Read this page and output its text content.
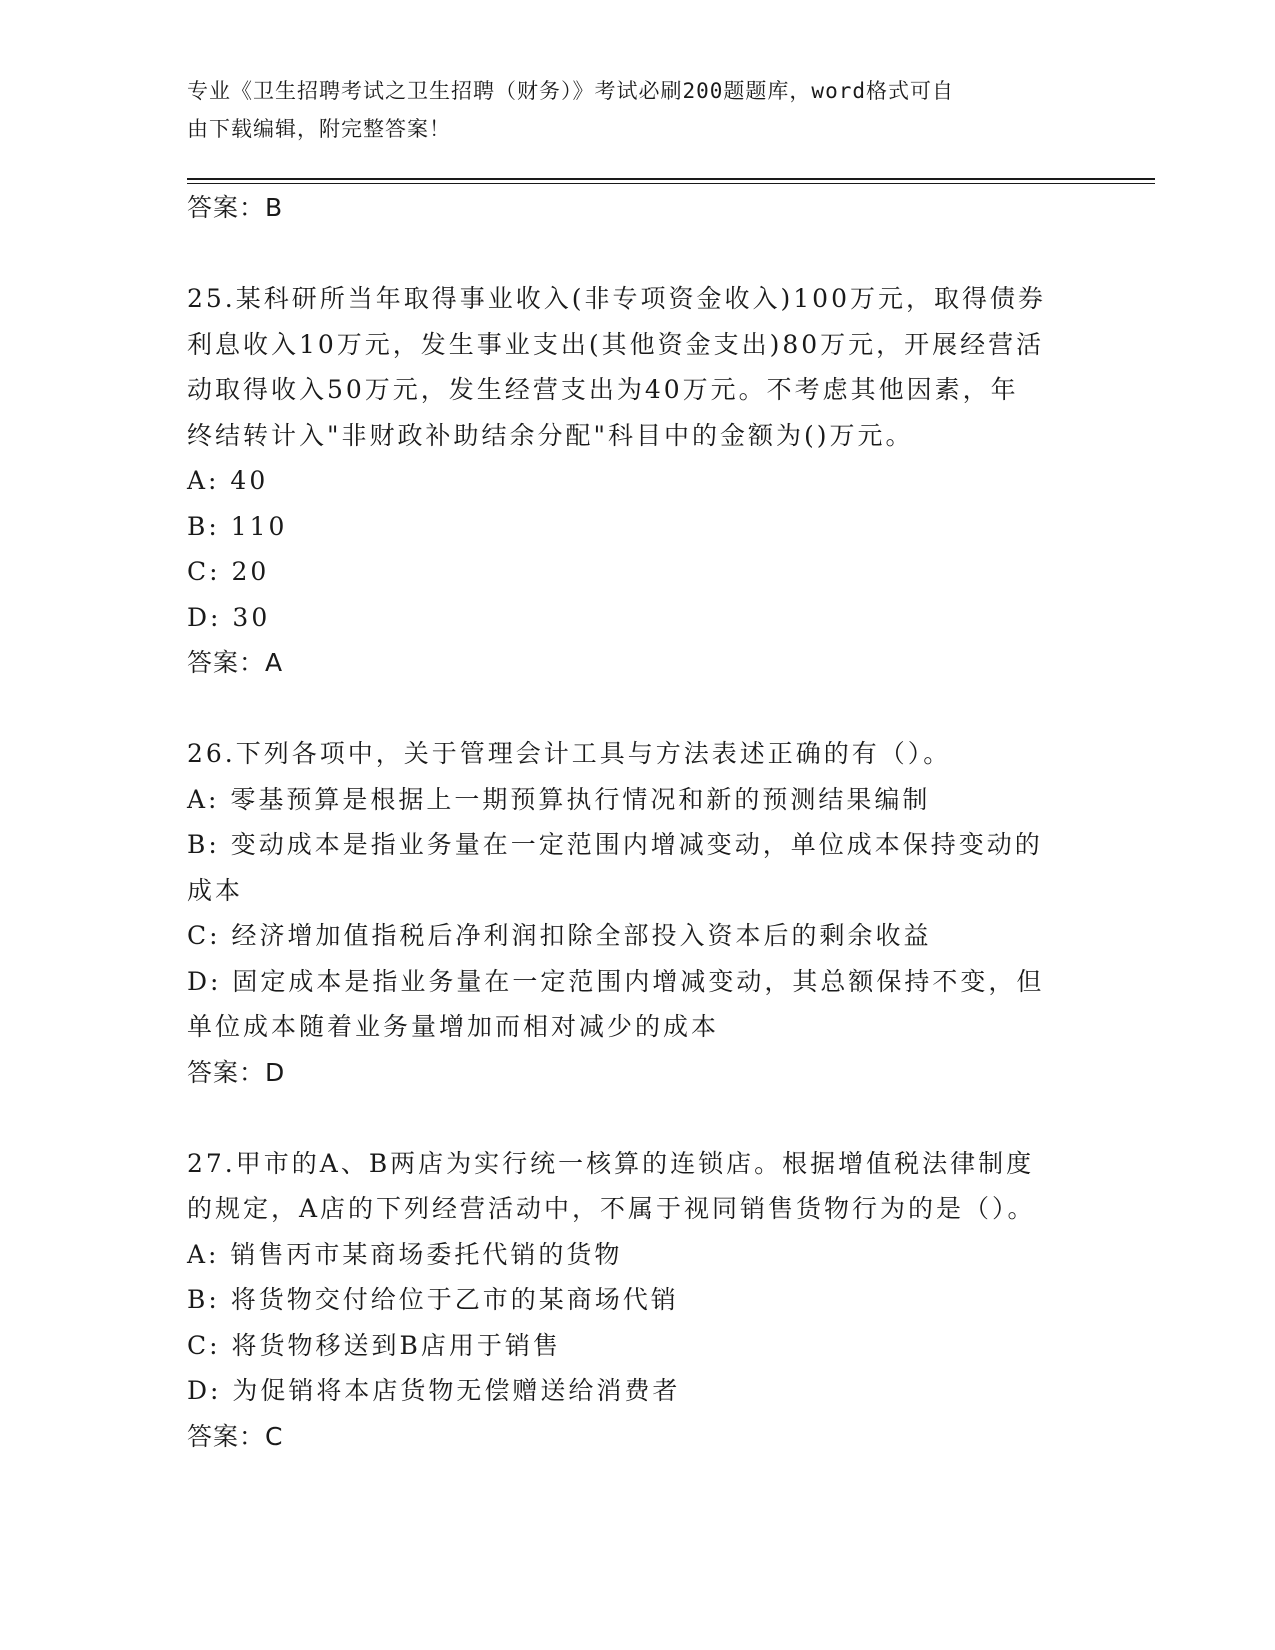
专业《卫生招聘考试之卫生招聘（财务）》考试必刷200题题库，word格式可自
由下载编辑，附完整答案！
答案：B
25.某科研所当年取得事业收入(非专项资金收入)100万元，取得债券
利息收入10万元，发生事业支出(其他资金支出)80万元，开展经营活
动取得收入50万元，发生经营支出为40万元。不考虑其他因素，年
终结转计入"非财政补助结余分配"科目中的金额为()万元。
A: 40
B: 110
C: 20
D: 30
答案：A
26.下列各项中，关于管理会计工具与方法表述正确的有（）。
A: 零基预算是根据上一期预算执行情况和新的预测结果编制
B: 变动成本是指业务量在一定范围内增减变动，单位成本保持变动的
成本
C: 经济增加值指税后净利润扣除全部投入资本后的剩余收益
D: 固定成本是指业务量在一定范围内增减变动，其总额保持不变，但
单位成本随着业务量增加而相对减少的成本
答案：D
27.甲市的A、B两店为实行统一核算的连锁店。根据增值税法律制度
的规定，A店的下列经营活动中，不属于视同销售货物行为的是（）。
A: 销售丙市某商场委托代销的货物
B: 将货物交付给位于乙市的某商场代销
C: 将货物移送到B店用于销售
D: 为促销将本店货物无偿赠送给消费者
答案：C
